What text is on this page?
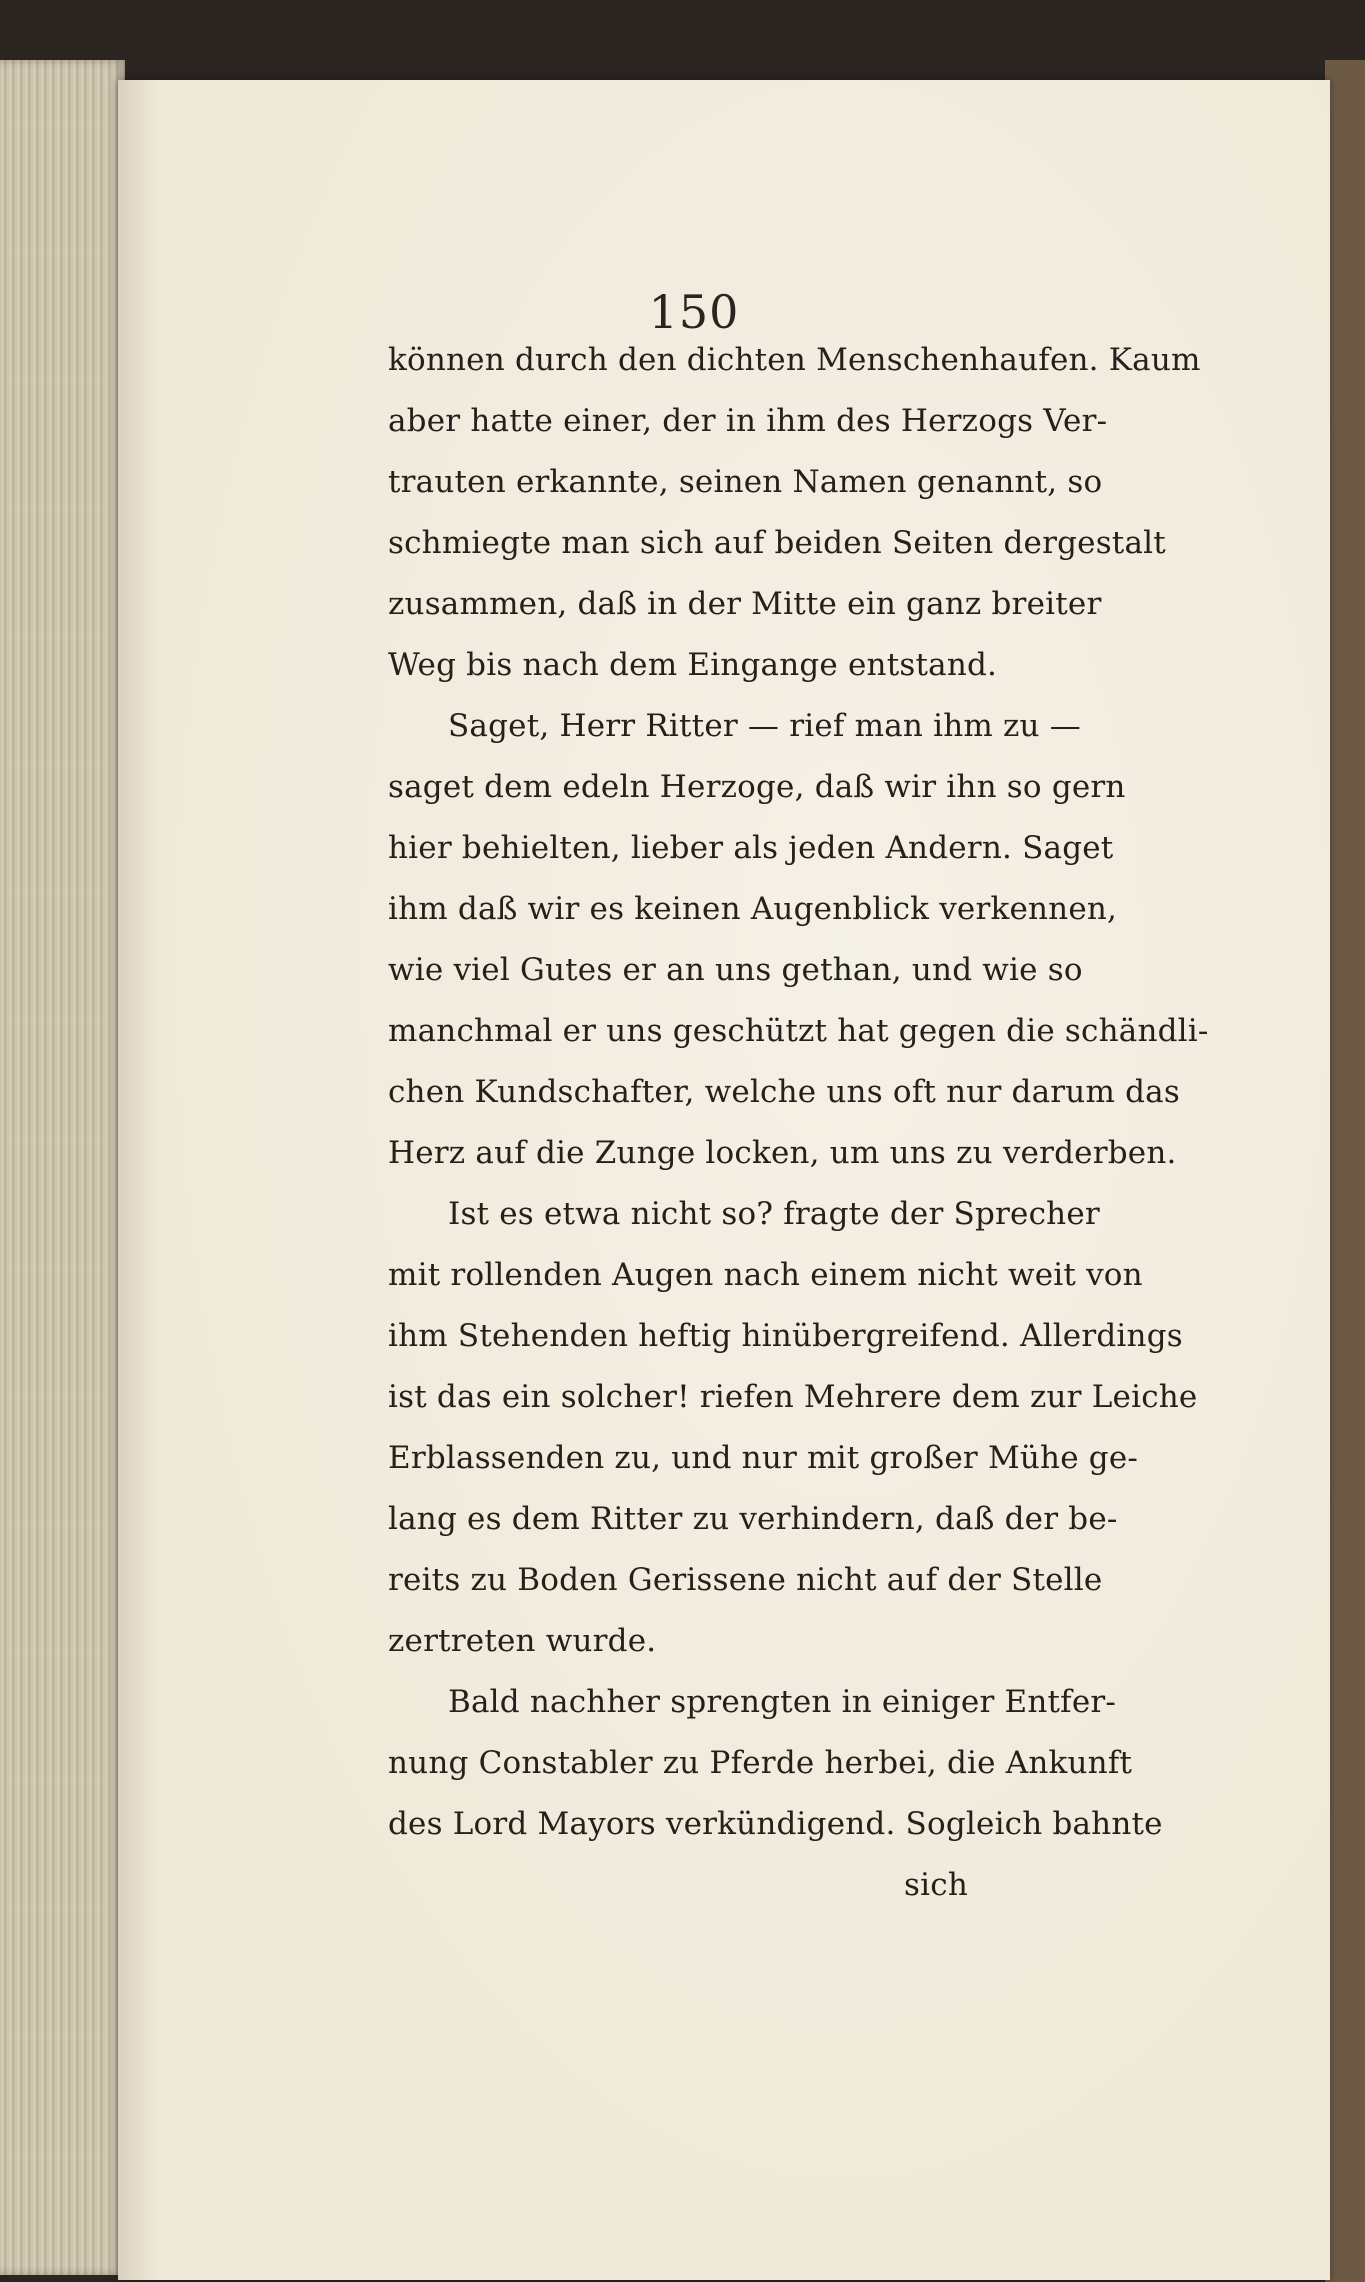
150
können durch den dichten Menschenhaufen. Kaum
aber hatte einer, der in ihm des Herzogs Ver-
trauten erkannte, seinen Namen genannt, so
schmiegte man sich auf beiden Seiten dergestalt
zusammen, daß in der Mitte ein ganz breiter
Weg bis nach dem Eingange entstand.
Saget, Herr Ritter — rief man ihm zu —
saget dem edeln Herzoge, daß wir ihn so gern
hier behielten, lieber als jeden Andern. Saget
ihm daß wir es keinen Augenblick verkennen,
wie viel Gutes er an uns gethan, und wie so
manchmal er uns geschützt hat gegen die schändli-
chen Kundschafter, welche uns oft nur darum das
Herz auf die Zunge locken, um uns zu verderben.
Ist es etwa nicht so? fragte der Sprecher
mit rollenden Augen nach einem nicht weit von
ihm Stehenden heftig hinübergreifend. Allerdings
ist das ein solcher! riefen Mehrere dem zur Leiche
Erblassenden zu, und nur mit großer Mühe ge-
lang es dem Ritter zu verhindern, daß der be-
reits zu Boden Gerissene nicht auf der Stelle
zertreten wurde.
Bald nachher sprengten in einiger Entfer-
nung Constabler zu Pferde herbei, die Ankunft
des Lord Mayors verkündigend. Sogleich bahnte
sich
